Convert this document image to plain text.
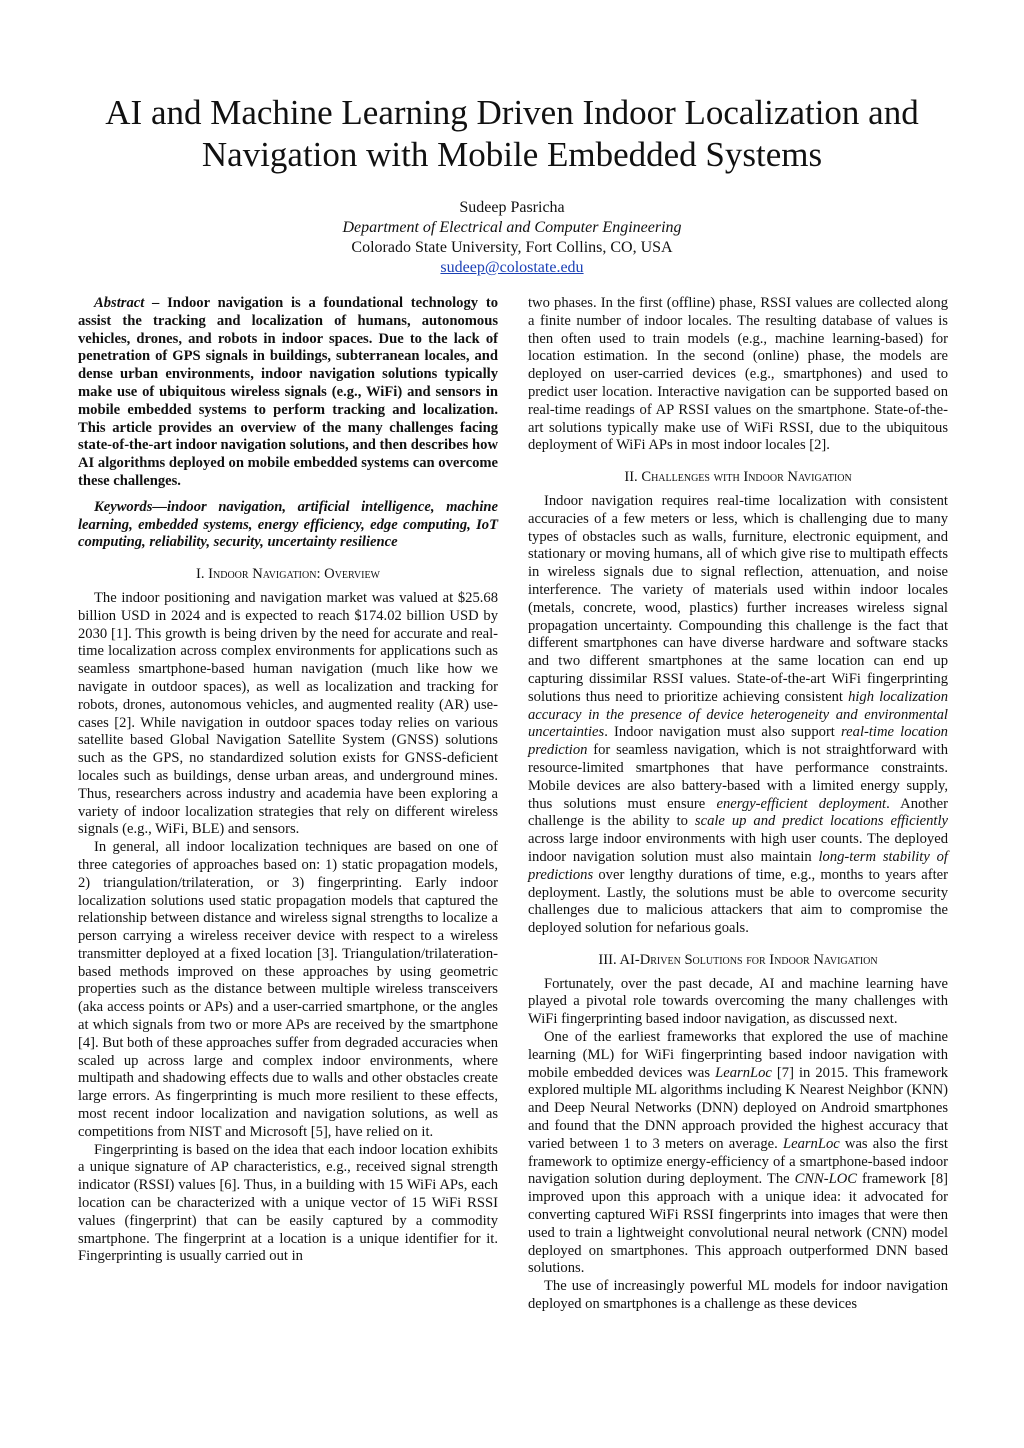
AI and Machine Learning Driven Indoor Localization and Navigation with Mobile Embedded Systems
Sudeep Pasricha
Department of Electrical and Computer Engineering
Colorado State University, Fort Collins, CO, USA
sudeep@colostate.edu

Abstract – Indoor navigation is a foundational technology to assist the tracking and localization of humans, autonomous vehicles, drones, and robots in indoor spaces. Due to the lack of penetration of GPS signals in buildings, subterranean locales, and dense urban environments, indoor navigation solutions typically make use of ubiquitous wireless signals (e.g., WiFi) and sensors in mobile embedded systems to perform tracking and localization. This article provides an overview of the many challenges facing state-of-the-art indoor navigation solutions, and then describes how AI algorithms deployed on mobile embedded systems can overcome these challenges.

Keywords—indoor navigation, artificial intelligence, machine learning, embedded systems, energy efficiency, edge computing, IoT computing, reliability, security, uncertainty resilience

I. Indoor Navigation: Overview

The indoor positioning and navigation market was valued at $25.68 billion USD in 2024 and is expected to reach $174.02 billion USD by 2030 [1]. This growth is being driven by the need for accurate and real-time localization across complex environments for applications such as seamless smartphone-based human navigation (much like how we navigate in outdoor spaces), as well as localization and tracking for robots, drones, autonomous vehicles, and augmented reality (AR) use-cases [2]. While navigation in outdoor spaces today relies on various satellite based Global Navigation Satellite System (GNSS) solutions such as the GPS, no standardized solution exists for GNSS-deficient locales such as buildings, dense urban areas, and underground mines. Thus, researchers across industry and academia have been exploring a variety of indoor localization strategies that rely on different wireless signals (e.g., WiFi, BLE) and sensors.

In general, all indoor localization techniques are based on one of three categories of approaches based on: 1) static propagation models, 2) triangulation/trilateration, or 3) fingerprinting. Early indoor localization solutions used static propagation models that captured the relationship between distance and wireless signal strengths to localize a person carrying a wireless receiver device with respect to a wireless transmitter deployed at a fixed location [3]. Triangulation/trilateration-based methods improved on these approaches by using geometric properties such as the distance between multiple wireless transceivers (aka access points or APs) and a user-carried smartphone, or the angles at which signals from two or more APs are received by the smartphone [4]. But both of these approaches suffer from degraded accuracies when scaled up across large and complex indoor environments, where multipath and shadowing effects due to walls and other obstacles create large errors. As fingerprinting is much more resilient to these effects, most recent indoor localization and navigation solutions, as well as competitions from NIST and Microsoft [5], have relied on it.

Fingerprinting is based on the idea that each indoor location exhibits a unique signature of AP characteristics, e.g., received signal strength indicator (RSSI) values [6]. Thus, in a building with 15 WiFi APs, each location can be characterized with a unique vector of 15 WiFi RSSI values (fingerprint) that can be easily captured by a commodity smartphone. The fingerprint at a location is a unique identifier for it. Fingerprinting is usually carried out in

two phases. In the first (offline) phase, RSSI values are collected along a finite number of indoor locales. The resulting database of values is then often used to train models (e.g., machine learning-based) for location estimation. In the second (online) phase, the models are deployed on user-carried devices (e.g., smartphones) and used to predict user location. Interactive navigation can be supported based on real-time readings of AP RSSI values on the smartphone. State-of-the-art solutions typically make use of WiFi RSSI, due to the ubiquitous deployment of WiFi APs in most indoor locales [2].

II. Challenges with Indoor Navigation

Indoor navigation requires real-time localization with consistent accuracies of a few meters or less, which is challenging due to many types of obstacles such as walls, furniture, electronic equipment, and stationary or moving humans, all of which give rise to multipath effects in wireless signals due to signal reflection, attenuation, and noise interference. The variety of materials used within indoor locales (metals, concrete, wood, plastics) further increases wireless signal propagation uncertainty. Compounding this challenge is the fact that different smartphones can have diverse hardware and software stacks and two different smartphones at the same location can end up capturing dissimilar RSSI values. State-of-the-art WiFi fingerprinting solutions thus need to prioritize achieving consistent high localization accuracy in the presence of device heterogeneity and environmental uncertainties. Indoor navigation must also support real-time location prediction for seamless navigation, which is not straightforward with resource-limited smartphones that have performance constraints. Mobile devices are also battery-based with a limited energy supply, thus solutions must ensure energy-efficient deployment. Another challenge is the ability to scale up and predict locations efficiently across large indoor environments with high user counts. The deployed indoor navigation solution must also maintain long-term stability of predictions over lengthy durations of time, e.g., months to years after deployment. Lastly, the solutions must be able to overcome security challenges due to malicious attackers that aim to compromise the deployed solution for nefarious goals.

III. AI-Driven Solutions for Indoor Navigation

Fortunately, over the past decade, AI and machine learning have played a pivotal role towards overcoming the many challenges with WiFi fingerprinting based indoor navigation, as discussed next.

One of the earliest frameworks that explored the use of machine learning (ML) for WiFi fingerprinting based indoor navigation with mobile embedded devices was LearnLoc [7] in 2015. This framework explored multiple ML algorithms including K Nearest Neighbor (KNN) and Deep Neural Networks (DNN) deployed on Android smartphones and found that the DNN approach provided the highest accuracy that varied between 1 to 3 meters on average. LearnLoc was also the first framework to optimize energy-efficiency of a smartphone-based indoor navigation solution during deployment. The CNN-LOC framework [8] improved upon this approach with a unique idea: it advocated for converting captured WiFi RSSI fingerprints into images that were then used to train a lightweight convolutional neural network (CNN) model deployed on smartphones. This approach outperformed DNN based solutions.

The use of increasingly powerful ML models for indoor navigation deployed on smartphones is a challenge as these devices
